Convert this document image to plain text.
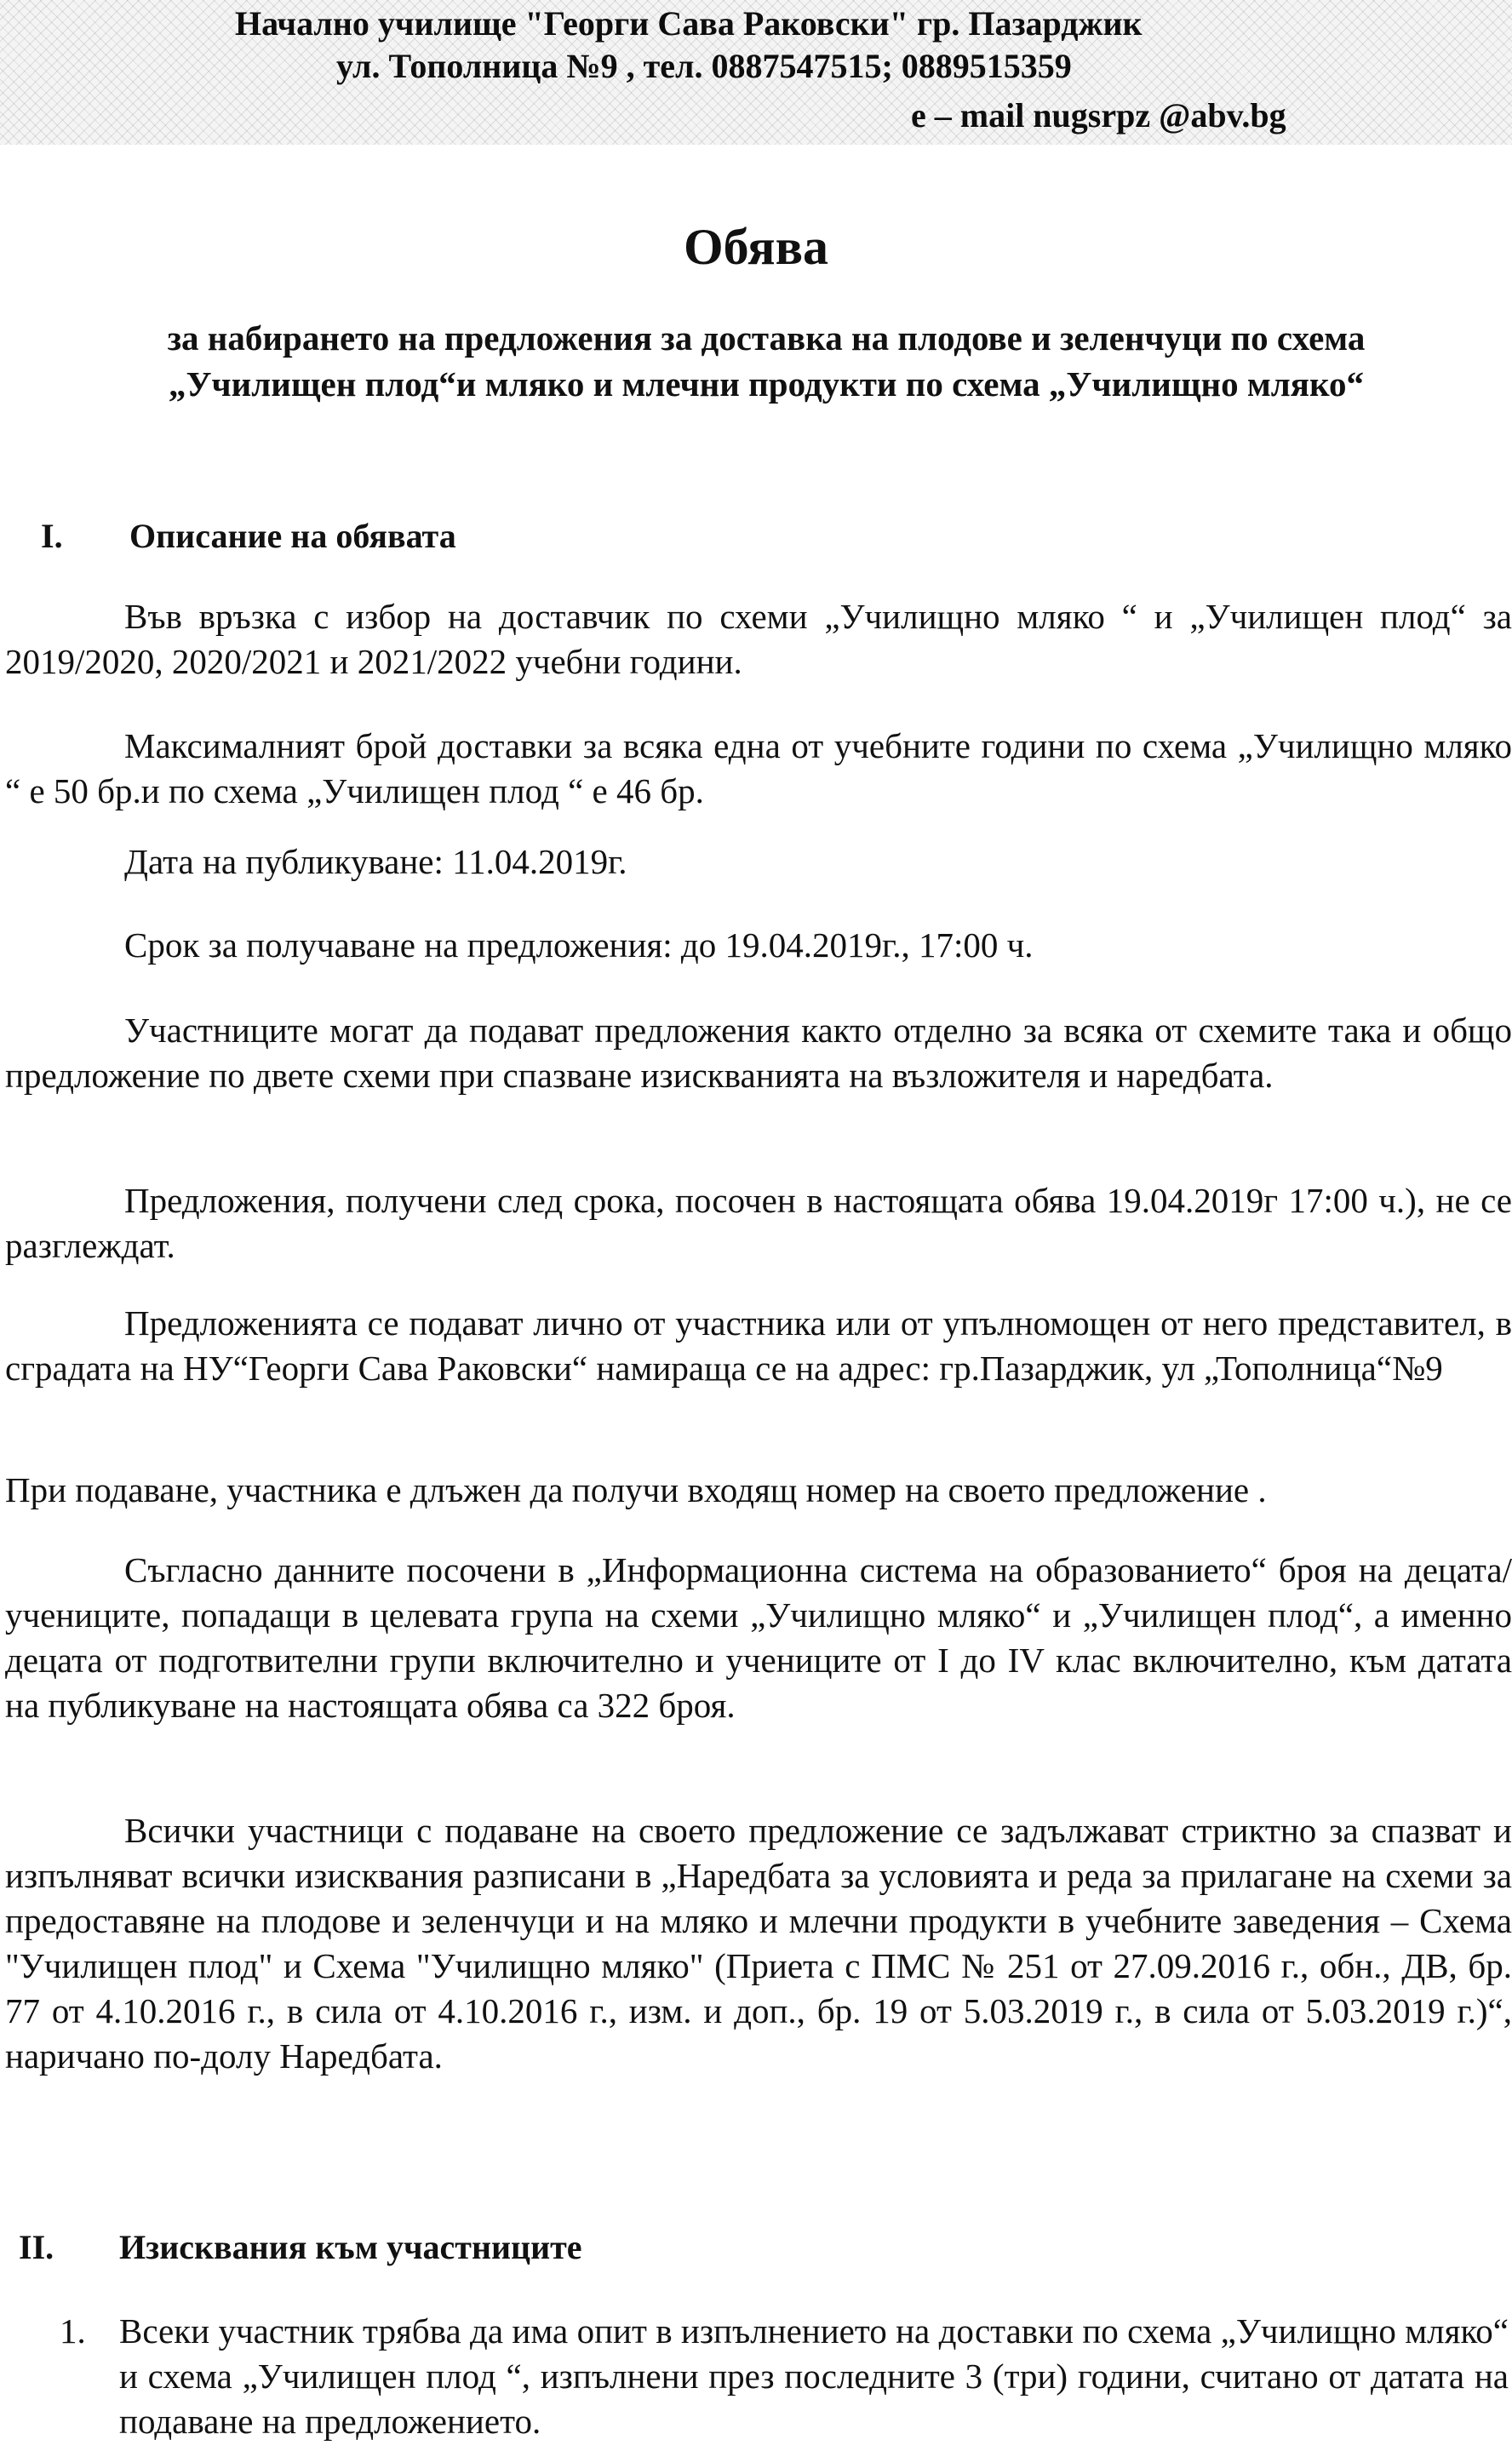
Начално училище "Георги Сава Раковски" гр. Пазарджик
ул. Тополница №9 , тел. 0887547515; 0889515359
e – mail nugsrpz @abv.bg
Обява
за набирането на предложения за доставка на плодове и зеленчуци по схема „Училищен плод“и мляко и млечни продукти по схема „Училищно мляко“
I. Описание на обявата

Във връзка с избор на доставчик по схеми „Училищно мляко “ и „Училищен плод“ за 2019/2020, 2020/2021 и 2021/2022 учебни години.

Максималният брой доставки за всяка една от учебните години по схема „Училищно мляко “ е 50 бр.и по схема „Училищен плод “ е 46 бр.

Дата на публикуване: 11.04.2019г.

Срок за получаване на предложения: до 19.04.2019г., 17:00 ч.

Участниците могат да подават предложения както отделно за всяка от схемите така и общо предложение по двете схеми при спазване изискванията на възложителя и наредбата.

Предложения, получени след срока, посочен в настоящата обява 19.04.2019г 17:00 ч.), не се разглеждат.

Предложенията се подават лично от участника или от упълномощен от него представител, в сградата на НУ“Георги Сава Раковски“ намираща се на адрес: гр.Пазарджик, ул „Тополница“№9

При подаване, участника е длъжен да получи входящ номер на своето предложение .

Съгласно данните посочени в „Информационна система на образованието“ броя на децата/учениците, попадащи в целевата група на схеми „Училищно мляко“ и „Училищен плод“, а именно децата от подготвителни групи включително и учениците от I до IV клас включително, към датата на публикуване на настоящата обява са 322 броя.

Всички участници с подаване на своето предложение се задължават стриктно за спазват и изпълняват всички изисквания разписани в „Наредбата за условията и реда за прилагане на схеми за предоставяне на плодове и зеленчуци и на мляко и млечни продукти в учебните заведения – Схема "Училищен плод" и Схема "Училищно мляко" (Приета с ПМС № 251 от 27.09.2016 г., обн., ДВ, бр. 77 от 4.10.2016 г., в сила от 4.10.2016 г., изм. и доп., бр. 19 от 5.03.2019 г., в сила от 5.03.2019 г.)“, наричано по-долу Наредбата.

II. Изисквания към участниците
1. Всеки участник трябва да има опит в изпълнението на доставки по схема „Училищно мляко“ и схема „Училищен плод “, изпълнени през последните 3 (три) години, считано от датата на подаване на предложението.
